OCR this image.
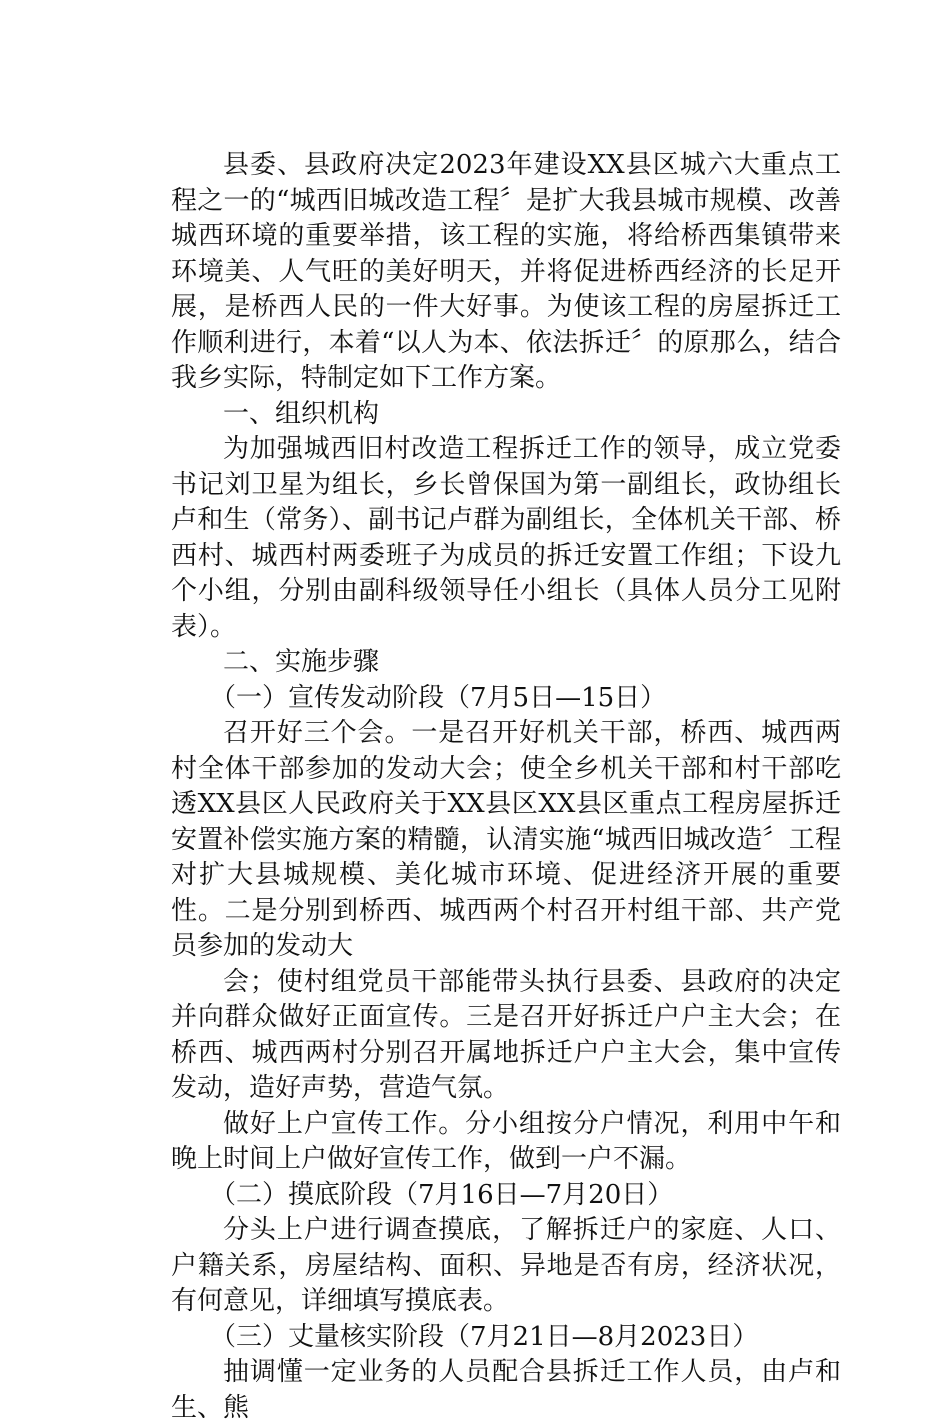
县委、县政府决定2023年建设XX县区城六大重点工程之一的“城西旧城改造工程〞是扩大我县城市规模、改善城西环境的重要举措，该工程的实施，将给桥西集镇带来环境美、人气旺的美好明天，并将促进桥西经济的长足开展，是桥西人民的一件大好事。为使该工程的房屋拆迁工作顺利进行，本着“以人为本、依法拆迁〞的原那么，结合我乡实际，特制定如下工作方案。

一、组织机构

为加强城西旧村改造工程拆迁工作的领导，成立党委书记刘卫星为组长，乡长曾保国为第一副组长，政协组长卢和生（常务）、副书记卢群为副组长，全体机关干部、桥西村、城西村两委班子为成员的拆迁安置工作组；下设九个小组，分别由副科级领导任小组长（具体人员分工见附表）。

二、实施步骤

（一）宣传发动阶段（7月5日—15日）

召开好三个会。一是召开好机关干部，桥西、城西两村全体干部参加的发动大会；使全乡机关干部和村干部吃透XX县区人民政府关于XX县区XX县区重点工程房屋拆迁安置补偿实施方案的精髓，认清实施“城西旧城改造〞工程对扩大县城规模、美化城市环境、促进经济开展的重要性。二是分别到桥西、城西两个村召开村组干部、共产党员参加的发动大

会；使村组党员干部能带头执行县委、县政府的决定并向群众做好正面宣传。三是召开好拆迁户户主大会；在桥西、城西两村分别召开属地拆迁户户主大会，集中宣传发动，造好声势，营造气氛。

做好上户宣传工作。分小组按分户情况，利用中午和晚上时间上户做好宣传工作，做到一户不漏。

（二）摸底阶段（7月16日—7月20日）

分头上户进行调查摸底，了解拆迁户的家庭、人口、户籍关系，房屋结构、面积、异地是否有房，经济状况，有何意见，详细填写摸底表。

（三）丈量核实阶段（7月21日—8月2023日）

抽调懂一定业务的人员配合县拆迁工作人员，由卢和生、熊
